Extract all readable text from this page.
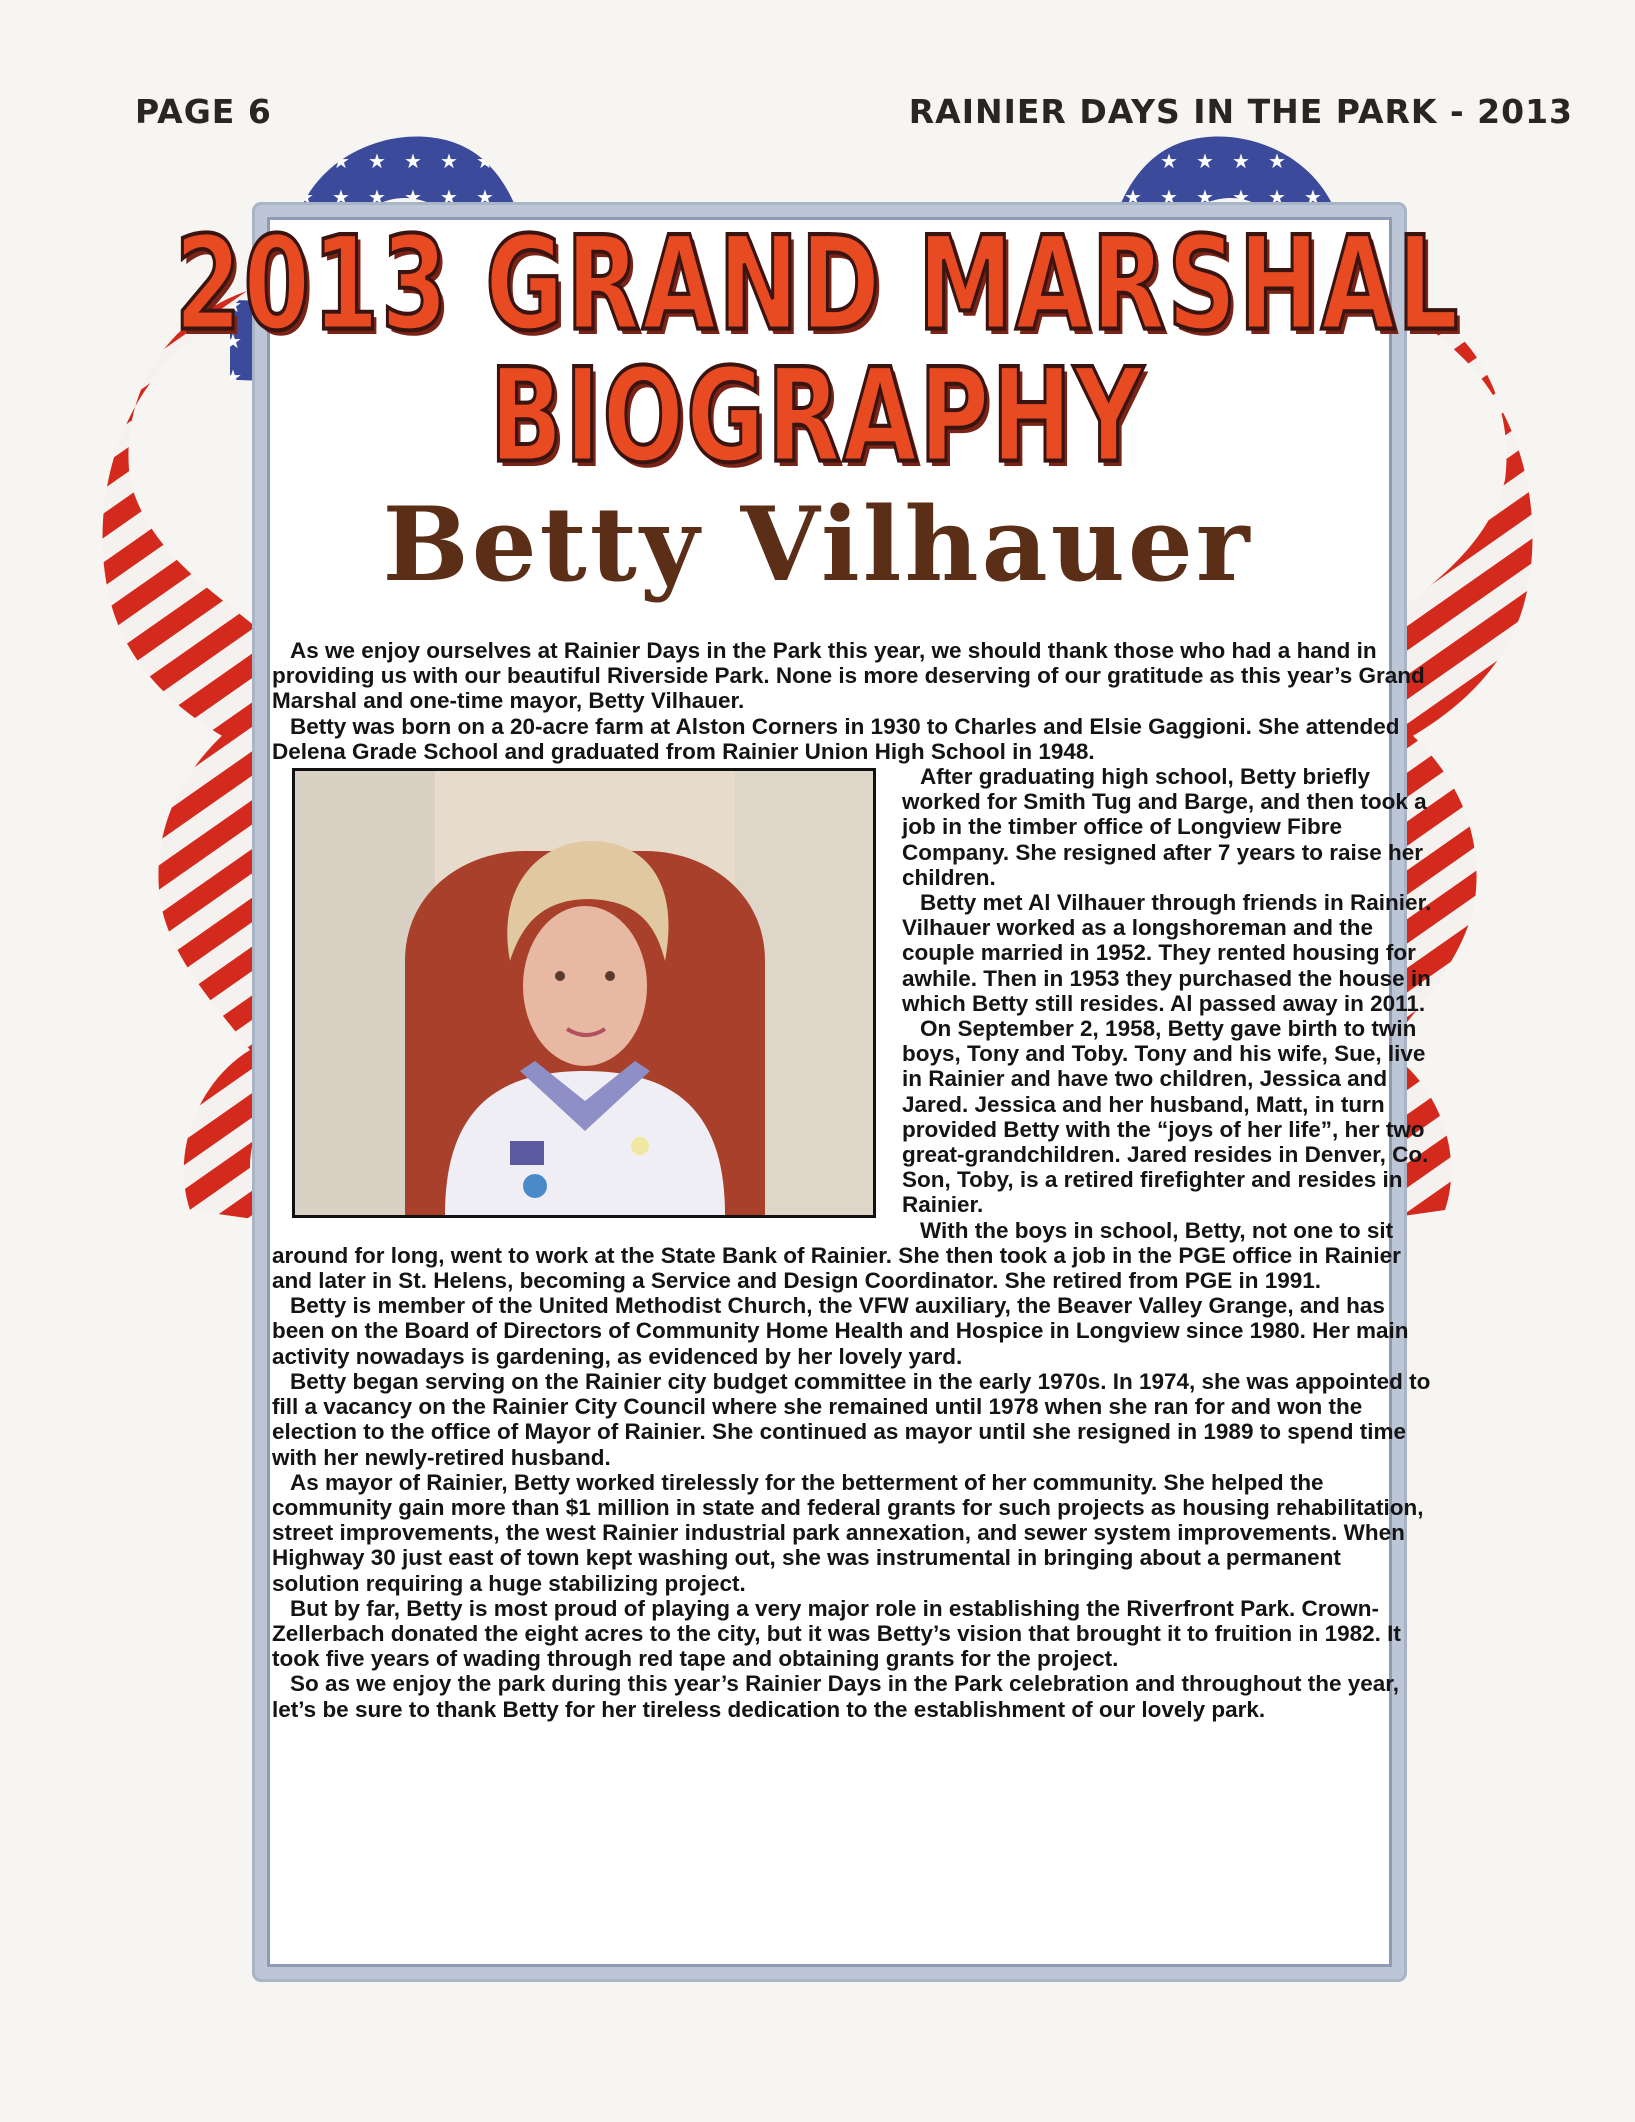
PAGE 6	RAINIER DAYS IN THE PARK - 2013
2013 GRAND MARSHAL
BIOGRAPHY
Betty Vilhauer

As we enjoy ourselves at Rainier Days in the Park this year, we should thank those who had a hand in providing us with our beautiful Riverside Park. None is more deserving of our gratitude as this year’s Grand Marshal and one-time mayor, Betty Vilhauer.

Betty was born on a 20-acre farm at Alston Corners in 1930 to Charles and Elsie Gaggioni. She attended Delena Grade School and graduated from Rainier Union High School in 1948.

After graduating high school, Betty briefly worked for Smith Tug and Barge, and then took a job in the timber office of Longview Fibre Company. She resigned after 7 years to raise her children.

Betty met Al Vilhauer through friends in Rainier. Vilhauer worked as a longshoreman and the couple married in 1952. They rented housing for awhile. Then in 1953 they purchased the house in which Betty still resides. Al passed away in 2011.

On September 2, 1958, Betty gave birth to twin boys, Tony and Toby. Tony and his wife, Sue, live in Rainier and have two children, Jessica and Jared. Jessica and her husband, Matt, in turn provided Betty with the “joys of her life”, her two great-grandchildren. Jared resides in Denver, Co. Son, Toby, is a retired firefighter and resides in Rainier.

With the boys in school, Betty, not one to sit around for long, went to work at the State Bank of Rainier. She then took a job in the PGE office in Rainier and later in St. Helens, becoming a Service and Design Coordinator. She retired from PGE in 1991.

Betty is member of the United Methodist Church, the VFW auxiliary, the Beaver Valley Grange, and has been on the Board of Directors of Community Home Health and Hospice in Longview since 1980. Her main activity nowadays is gardening, as evidenced by her lovely yard.

Betty began serving on the Rainier city budget committee in the early 1970s. In 1974, she was appointed to fill a vacancy on the Rainier City Council where she remained until 1978 when she ran for and won the election to the office of Mayor of Rainier. She continued as mayor until she resigned in 1989 to spend time with her newly-retired husband.

As mayor of Rainier, Betty worked tirelessly for the betterment of her community. She helped the community gain more than $1 million in state and federal grants for such projects as housing rehabilitation, street improvements, the west Rainier industrial park annexation, and sewer system improvements. When Highway 30 just east of town kept washing out, she was instrumental in bringing about a permanent solution requiring a huge stabilizing project.

But by far, Betty is most proud of playing a very major role in establishing the Riverfront Park. Crown-Zellerbach donated the eight acres to the city, but it was Betty’s vision that brought it to fruition in 1982. It took five years of wading through red tape and obtaining grants for the project.

So as we enjoy the park during this year’s Rainier Days in the Park celebration and throughout the year, let’s be sure to thank Betty for her tireless dedication to the establishment of our lovely park.
